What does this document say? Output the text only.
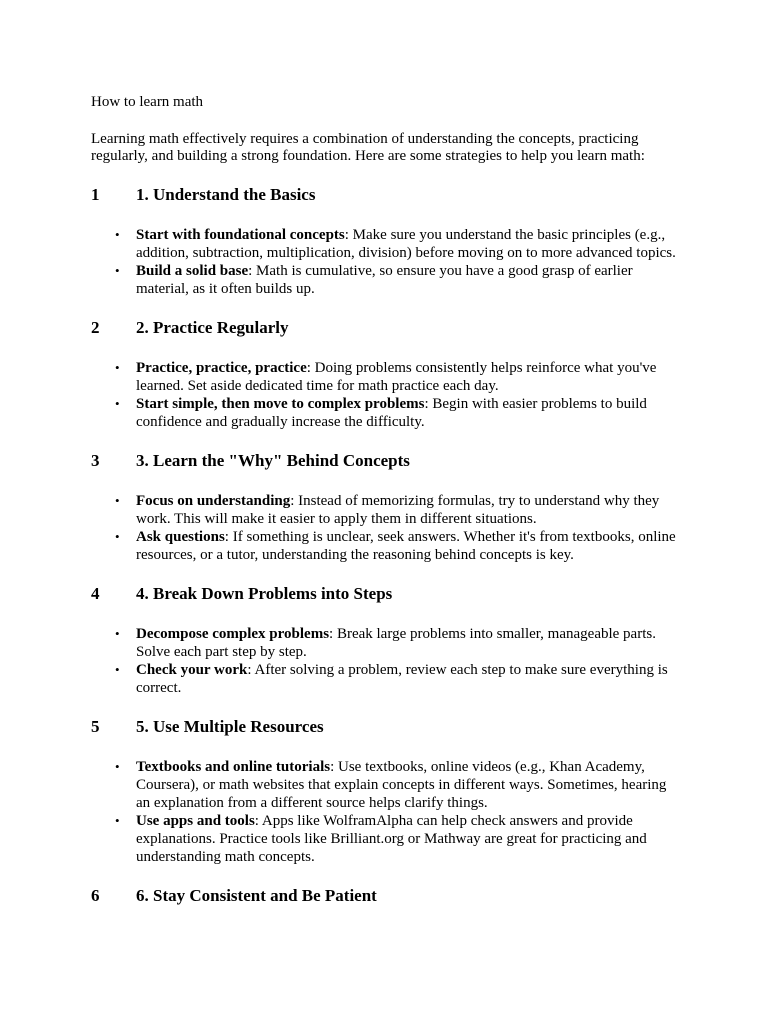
How to learn math

Learning math effectively requires a combination of understanding the concepts, practicing regularly, and building a strong foundation. Here are some strategies to help you learn math:

1	1. Understand the Basics
•	Start with foundational concepts: Make sure you understand the basic principles (e.g., addition, subtraction, multiplication, division) before moving on to more advanced topics.
•	Build a solid base: Math is cumulative, so ensure you have a good grasp of earlier material, as it often builds up.
2	2. Practice Regularly
•	Practice, practice, practice: Doing problems consistently helps reinforce what you've learned. Set aside dedicated time for math practice each day.
•	Start simple, then move to complex problems: Begin with easier problems to build confidence and gradually increase the difficulty.
3	3. Learn the "Why" Behind Concepts
•	Focus on understanding: Instead of memorizing formulas, try to understand why they work. This will make it easier to apply them in different situations.
•	Ask questions: If something is unclear, seek answers. Whether it's from textbooks, online resources, or a tutor, understanding the reasoning behind concepts is key.
4	4. Break Down Problems into Steps
•	Decompose complex problems: Break large problems into smaller, manageable parts. Solve each part step by step.
•	Check your work: After solving a problem, review each step to make sure everything is correct.
5	5. Use Multiple Resources
•	Textbooks and online tutorials: Use textbooks, online videos (e.g., Khan Academy, Coursera), or math websites that explain concepts in different ways. Sometimes, hearing an explanation from a different source helps clarify things.
•	Use apps and tools: Apps like WolframAlpha can help check answers and provide explanations. Practice tools like Brilliant.org or Mathway are great for practicing and understanding math concepts.
6	6. Stay Consistent and Be Patient
